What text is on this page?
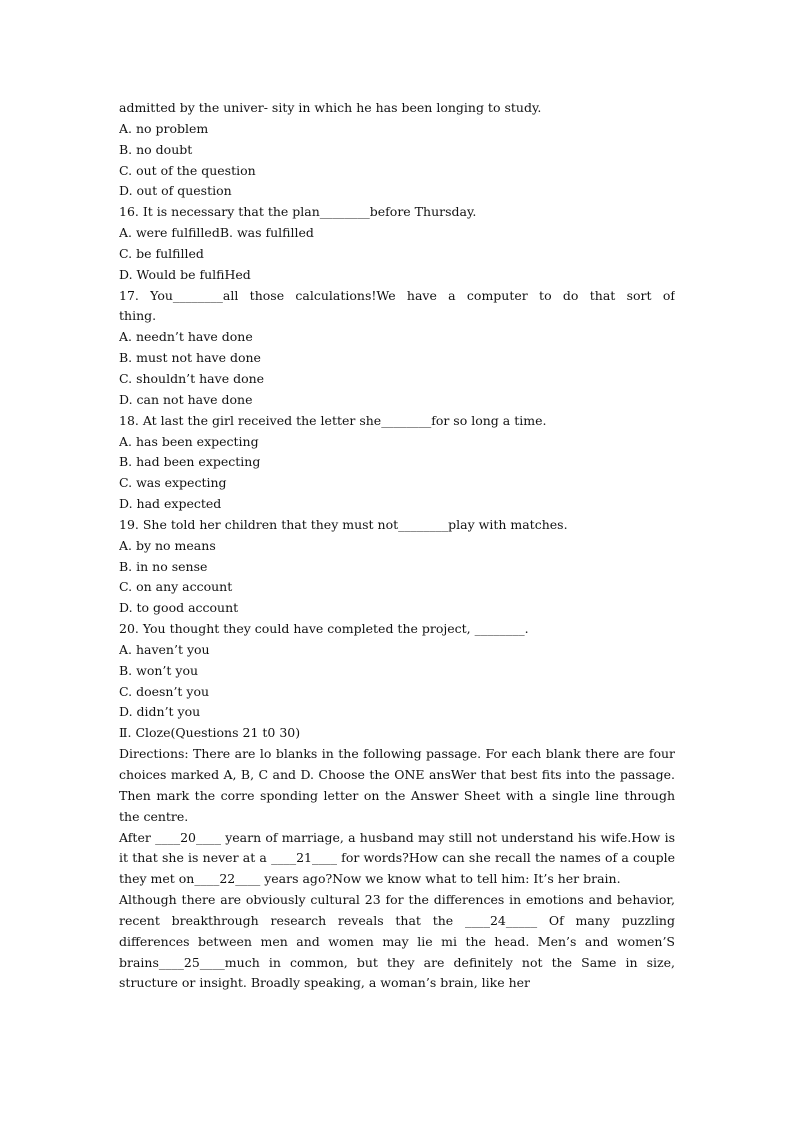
admitted by the univer- sity in which he has been longing to study.
A. no problem
B. no doubt
C. out of the question
D. out of question
16. It is necessary that the plan________before Thursday.
A. were fulfilledB. was fulfilled
C. be fulfilled
D. Would be fulfiHed
17. You________all those calculations!We have a computer to do that sort of
thing.
A. needn’t have done
B. must not have done
C. shouldn’t have done
D. can not have done
18. At last the girl received the letter she________for so long a time.
A. has been expecting
B. had been expecting
C. was expecting
D. had expected
19. She told her children that they must not________play with matches.
A. by no means
B. in no sense
C. on any account
D. to good account
20. You thought they could have completed the project, ________.
A. haven’t you
B. won’t you
C. doesn’t you
D. didn’t you
Ⅱ. Cloze(Questions 21 t0 30)
Directions: There are lo blanks in the following passage. For each blank there are four choices marked A, B, C and D. Choose the ONE ansWer that best fits into the passage. Then mark the corre sponding letter on the Answer Sheet with a single line through the centre.
After ____20____ yearn of marriage, a husband may still not understand his wife.How is it that she is never at a ____21____ for words?How can she recall the names of a couple they met on____22____ years ago?Now we know what to tell him: It’s her brain.
Although there are obviously cultural 23 for the differences in emotions and behavior, recent breakthrough research reveals that the ____24_____ Of many puzzling differences between men and women may lie mi the head. Men’s and women’S brains____25____much in common, but they are definitely not the Same in size, structure or insight. Broadly speaking, a woman’s brain, like her
